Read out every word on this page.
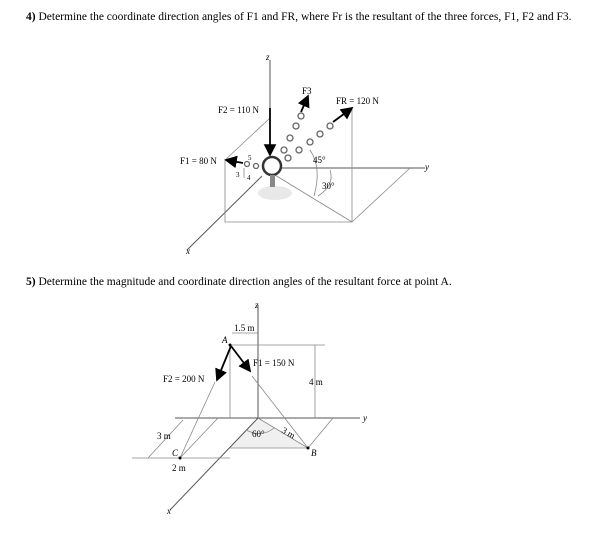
4) Determine the coordinate direction angles of F1 and FR, where Fr is the resultant of the three forces, F1, F2 and F3.
z
y
x
F2 = 110 N
F1 = 80 N
F3
FR = 120 N
45°
30°
5
3 4
5) Determine the magnitude and coordinate direction angles of the resultant force at point A.
z
y
x
A
B
C
F1 = 150 N
F2 = 200 N
1.5 m
4 m
3 m	3 m
2 m
60°
